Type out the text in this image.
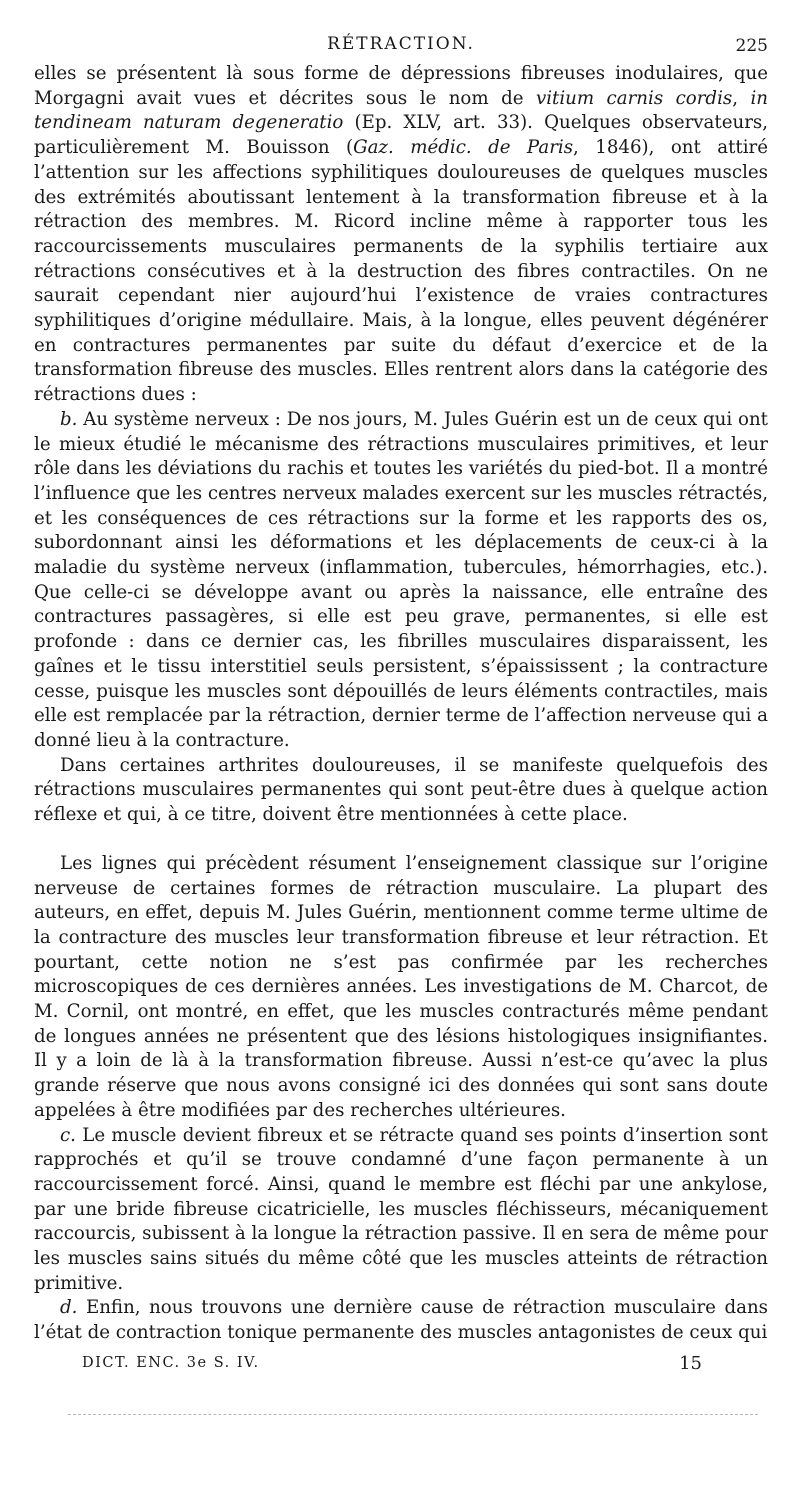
RÉTRACTION.	225

elles se présentent là sous forme de dépressions fibreuses inodulaires, que Morgagni avait vues et décrites sous le nom de vitium carnis cordis, in tendineam naturam degeneratio (Ep. XLV, art. 33). Quelques observateurs, particulièrement M. Bouisson (Gaz. médic. de Paris, 1846), ont attiré l’attention sur les affections syphilitiques douloureuses de quelques muscles des extrémités aboutissant lentement à la transformation fibreuse et à la rétraction des membres. M. Ricord incline même à rapporter tous les raccourcissements musculaires permanents de la syphilis tertiaire aux rétractions consécutives et à la destruction des fibres contractiles. On ne saurait cependant nier aujourd’hui l’existence de vraies contractures syphilitiques d’origine médullaire. Mais, à la longue, elles peuvent dégénérer en contractures permanentes par suite du défaut d’exercice et de la transformation fibreuse des muscles. Elles rentrent alors dans la catégorie des rétractions dues :

b. Au système nerveux : De nos jours, M. Jules Guérin est un de ceux qui ont le mieux étudié le mécanisme des rétractions musculaires primitives, et leur rôle dans les déviations du rachis et toutes les variétés du pied-bot. Il a montré l’influence que les centres nerveux malades exercent sur les muscles rétractés, et les conséquences de ces rétractions sur la forme et les rapports des os, subordonnant ainsi les déformations et les déplacements de ceux-ci à la maladie du système nerveux (inflammation, tubercules, hémorrhagies, etc.). Que celle-ci se développe avant ou après la naissance, elle entraîne des contractures passagères, si elle est peu grave, permanentes, si elle est profonde : dans ce dernier cas, les fibrilles musculaires disparaissent, les gaînes et le tissu interstitiel seuls persistent, s’épaississent ; la contracture cesse, puisque les muscles sont dépouillés de leurs éléments contractiles, mais elle est remplacée par la rétraction, dernier terme de l’affection nerveuse qui a donné lieu à la contracture.

Dans certaines arthrites douloureuses, il se manifeste quelquefois des rétractions musculaires permanentes qui sont peut-être dues à quelque action réflexe et qui, à ce titre, doivent être mentionnées à cette place.

Les lignes qui précèdent résument l’enseignement classique sur l’origine nerveuse de certaines formes de rétraction musculaire. La plupart des auteurs, en effet, depuis M. Jules Guérin, mentionnent comme terme ultime de la contracture des muscles leur transformation fibreuse et leur rétraction. Et pourtant, cette notion ne s’est pas confirmée par les recherches microscopiques de ces dernières années. Les investigations de M. Charcot, de M. Cornil, ont montré, en effet, que les muscles contracturés même pendant de longues années ne présentent que des lésions histologiques insignifiantes. Il y a loin de là à la transformation fibreuse. Aussi n’est-ce qu’avec la plus grande réserve que nous avons consigné ici des données qui sont sans doute appelées à être modifiées par des recherches ultérieures.

c. Le muscle devient fibreux et se rétracte quand ses points d’insertion sont rapprochés et qu’il se trouve condamné d’une façon permanente à un raccourcissement forcé. Ainsi, quand le membre est fléchi par une ankylose, par une bride fibreuse cicatricielle, les muscles fléchisseurs, mécaniquement raccourcis, subissent à la longue la rétraction passive. Il en sera de même pour les muscles sains situés du même côté que les muscles atteints de rétraction primitive.

d. Enfin, nous trouvons une dernière cause de rétraction musculaire dans l’état de contraction tonique permanente des muscles antagonistes de ceux qui

DICT. ENC. 3e S. IV.	15
